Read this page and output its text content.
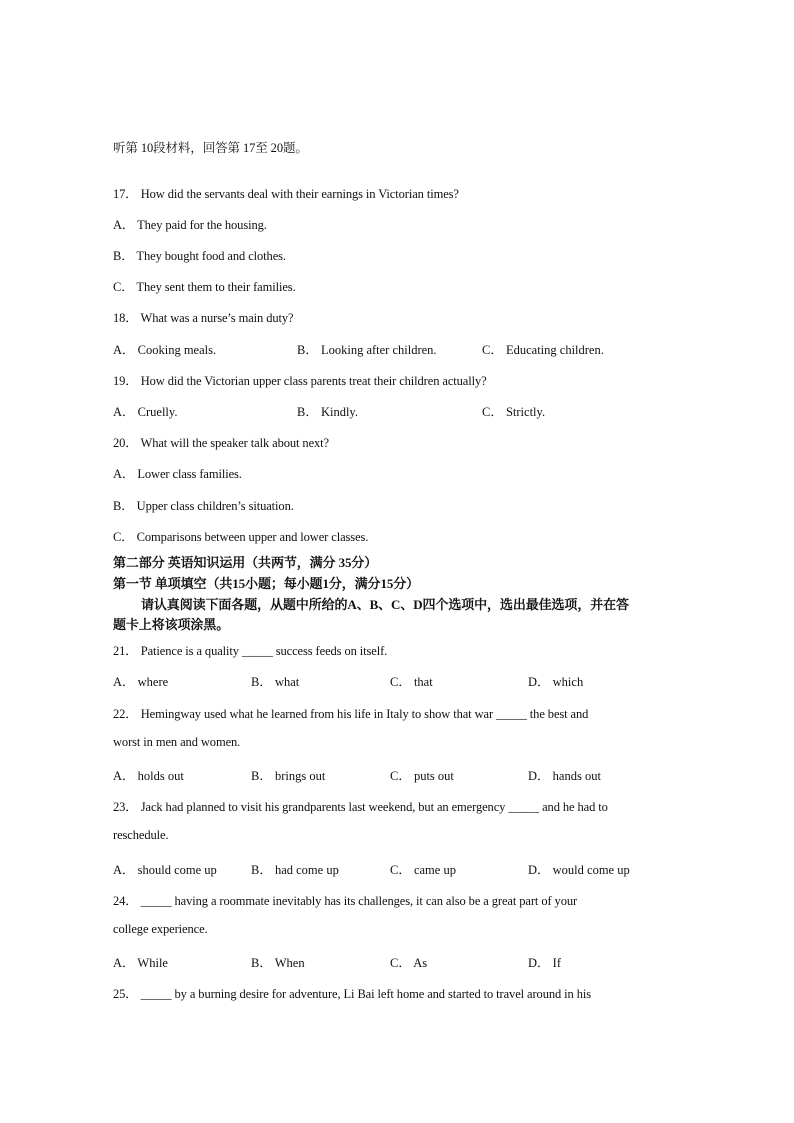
听第 10段材料，回答第 17至 20题。
17． How did the servants deal with their earnings in Victorian times?
A． They paid for the housing.
B． They bought food and clothes.
C． They sent them to their families.
18． What was a nurse’s main duty?
A． Cooking meals.	B． Looking after children.	C． Educating children.
19． How did the Victorian upper class parents treat their children actually?
A． Cruelly.	B． Kindly.	C． Strictly.
20． What will the speaker talk about next?
A． Lower class families.
B． Upper class children’s situation.
C． Comparisons between upper and lower classes.
第二部分 英语知识运用（共两节，满分 35分）
第一节 单项填空（共15小题；每小题1分，满分15分）
请认真阅读下面各题，从题中所给的A、B、C、D四个选项中，选出最佳选项，并在答
题卡上将该项涂黑。
21． Patience is a quality _____ success feeds on itself.
A． where	B． what	C． that	D． which
22． Hemingway used what he learned from his life in Italy to show that war _____ the best and
worst in men and women.
A． holds out	B． brings out	C． puts out	D． hands out
23． Jack had planned to visit his grandparents last weekend, but an emergency _____ and he had to
reschedule.
A． should come up	B． had come up	C． came up	D． would come up
24． _____ having a roommate inevitably has its challenges, it can also be a great part of your
college experience.
A． While	B． When	C． As	D． If
25． _____ by a burning desire for adventure, Li Bai left home and started to travel around in his
